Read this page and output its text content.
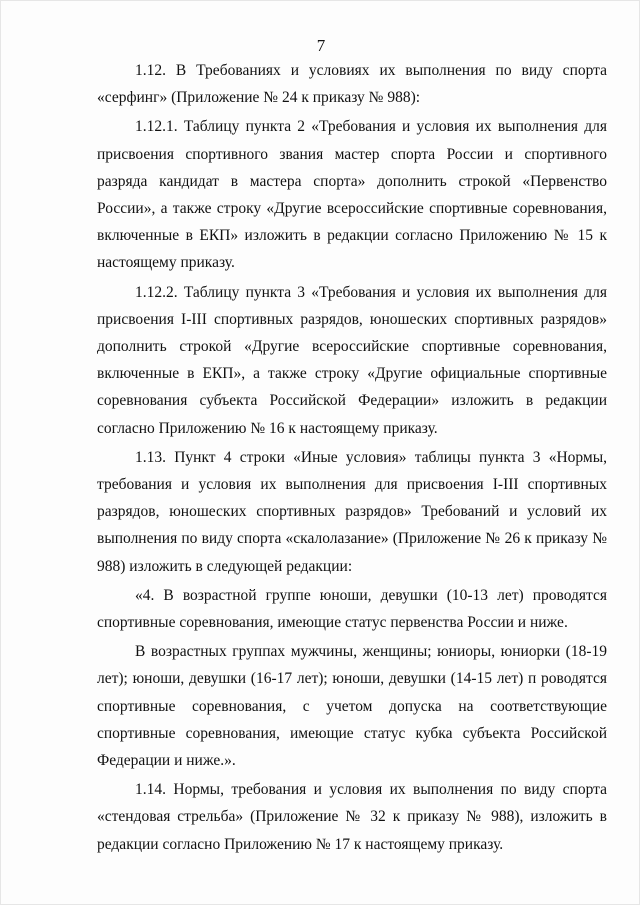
7

1.12. В Требованиях и условиях их выполнения по виду спорта «серфинг» (Приложение № 24 к приказу № 988):

1.12.1. Таблицу пункта 2 «Требования и условия их выполнения для присвоения спортивного звания мастер спорта России и спортивного разряда кандидат в мастера спорта» дополнить строкой «Первенство России», а также строку «Другие всероссийские спортивные соревнования, включенные в ЕКП» изложить в редакции согласно Приложению № 15 к настоящему приказу.

1.12.2. Таблицу пункта 3 «Требования и условия их выполнения для присвоения I-III спортивных разрядов, юношеских спортивных разрядов» дополнить строкой «Другие всероссийские спортивные соревнования, включенные в ЕКП», а также строку «Другие официальные спортивные соревнования субъекта Российской Федерации» изложить в редакции согласно Приложению № 16 к настоящему приказу.

1.13. Пункт 4 строки «Иные условия» таблицы пункта 3 «Нормы, требования и условия их выполнения для присвоения I-III спортивных разрядов, юношеских спортивных разрядов» Требований и условий их выполнения по виду спорта «скалолазание» (Приложение № 26 к приказу № 988) изложить в следующей редакции:

«4. В возрастной группе юноши, девушки (10-13 лет) проводятся спортивные соревнования, имеющие статус первенства России и ниже.

В возрастных группах мужчины, женщины; юниоры, юниорки (18-19 лет); юноши, девушки (16-17 лет); юноши, девушки (14-15 лет) п роводятся спортивные соревнования, с учетом допуска на соответствующие спортивные соревнования, имеющие статус кубка субъекта Российской Федерации и ниже.».

1.14. Нормы, требования и условия их выполнения по виду спорта «стендовая стрельба» (Приложение № 32 к приказу № 988), изложить в редакции согласно Приложению № 17 к настоящему приказу.
